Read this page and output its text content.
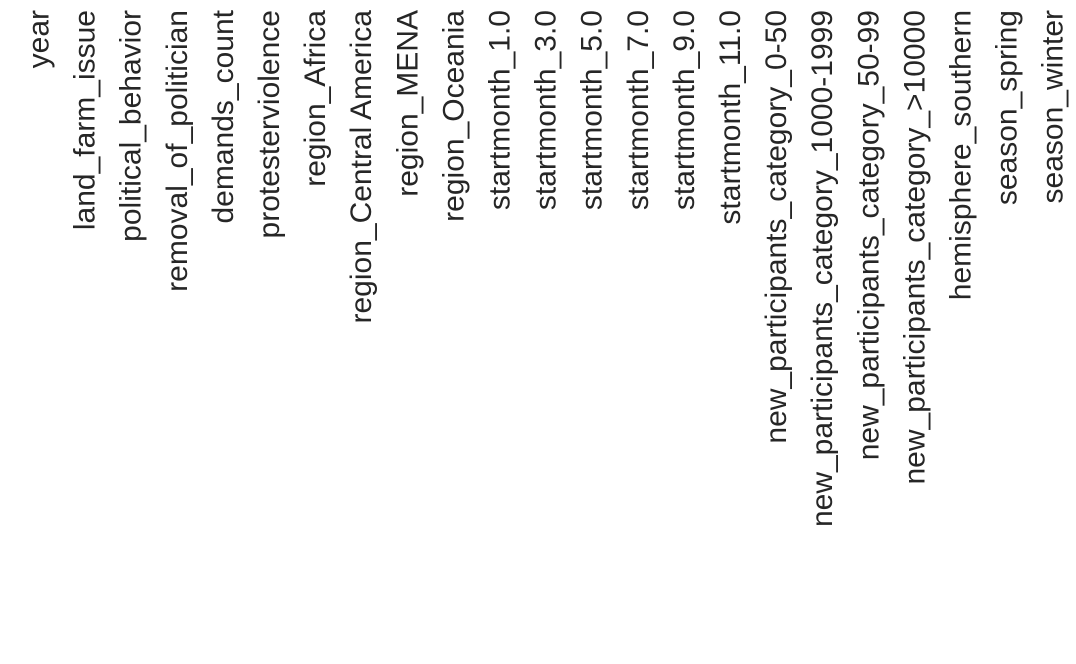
year land_farm_issue political_behavior removal_of_politician demands_count protesterviolence region_Africa region_Central America region_MENA region_Oceania startmonth_1.0 startmonth_3.0 startmonth_5.0 startmonth_7.0 startmonth_9.0 startmonth_11.0 new_participants_category_0-50 new_participants_category_1000-1999 new_participants_category_50-99 new_participants_category_>10000 hemisphere_southern season_spring season_winter
